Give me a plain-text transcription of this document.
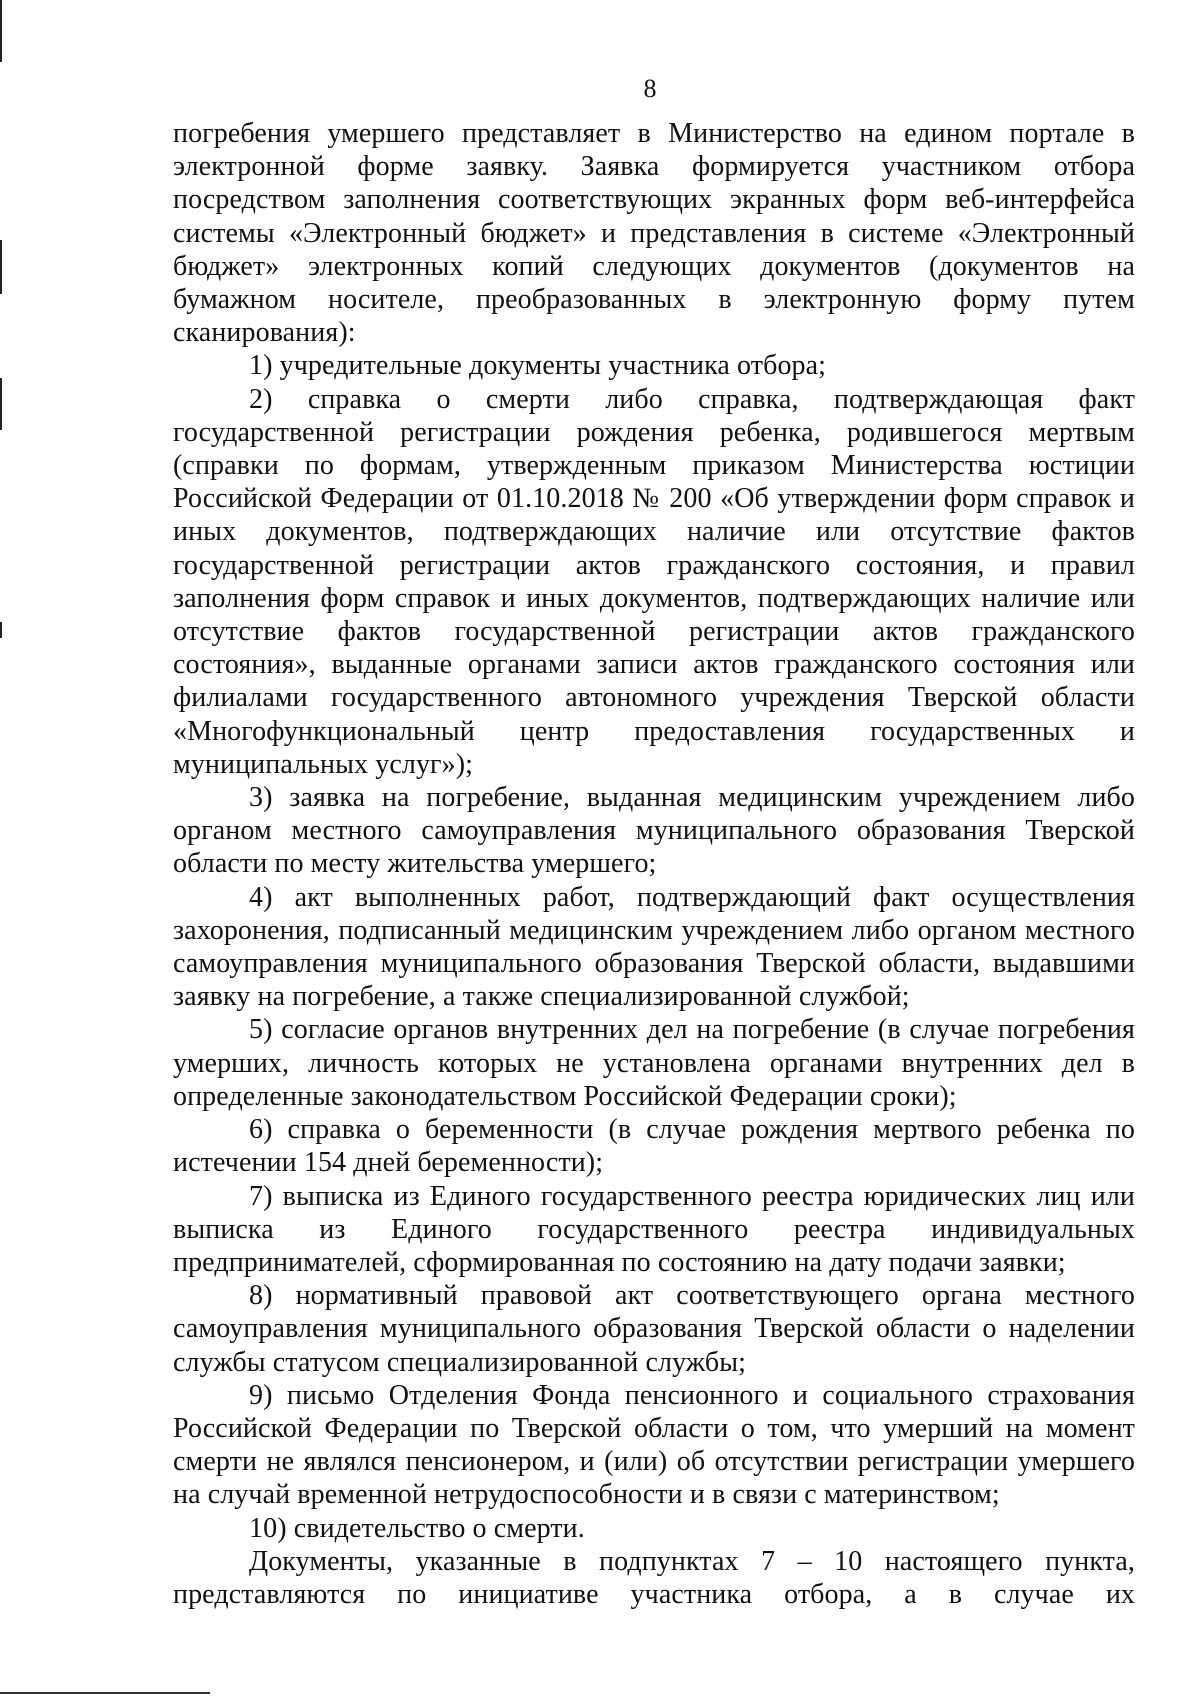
8

погребения умершего представляет в Министерство на едином портале в электронной форме заявку. Заявка формируется участником отбора посредством заполнения соответствующих экранных форм веб-интерфейса системы «Электронный бюджет» и представления в системе «Электронный бюджет» электронных копий следующих документов (документов на бумажном носителе, преобразованных в электронную форму путем сканирования):

1) учредительные документы участника отбора;

2) справка о смерти либо справка, подтверждающая факт государственной регистрации рождения ребенка, родившегося мертвым (справки по формам, утвержденным приказом Министерства юстиции Российской Федерации от 01.10.2018 № 200 «Об утверждении форм справок и иных документов, подтверждающих наличие или отсутствие фактов государственной регистрации актов гражданского состояния, и правил заполнения форм справок и иных документов, подтверждающих наличие или отсутствие фактов государственной регистрации актов гражданского состояния», выданные органами записи актов гражданского состояния или филиалами государственного автономного учреждения Тверской области «Многофункциональный центр предоставления государственных и муниципальных услуг»);

3) заявка на погребение, выданная медицинским учреждением либо органом местного самоуправления муниципального образования Тверской области по месту жительства умершего;

4) акт выполненных работ, подтверждающий факт осуществления захоронения, подписанный медицинским учреждением либо органом местного самоуправления муниципального образования Тверской области, выдавшими заявку на погребение, а также специализированной службой;

5) согласие органов внутренних дел на погребение (в случае погребения умерших, личность которых не установлена органами внутренних дел в определенные законодательством Российской Федерации сроки);

6) справка о беременности (в случае рождения мертвого ребенка по истечении 154 дней беременности);

7) выписка из Единого государственного реестра юридических лиц или выписка из Единого государственного реестра индивидуальных предпринимателей, сформированная по состоянию на дату подачи заявки;

8) нормативный правовой акт соответствующего органа местного самоуправления муниципального образования Тверской области о наделении службы статусом специализированной службы;

9) письмо Отделения Фонда пенсионного и социального страхования Российской Федерации по Тверской области о том, что умерший на момент смерти не являлся пенсионером, и (или) об отсутствии регистрации умершего на случай временной нетрудоспособности и в связи с материнством;

10) свидетельство о смерти.

Документы, указанные в подпунктах 7 – 10 настоящего пункта, представляются по инициативе участника отбора, а в случае их
